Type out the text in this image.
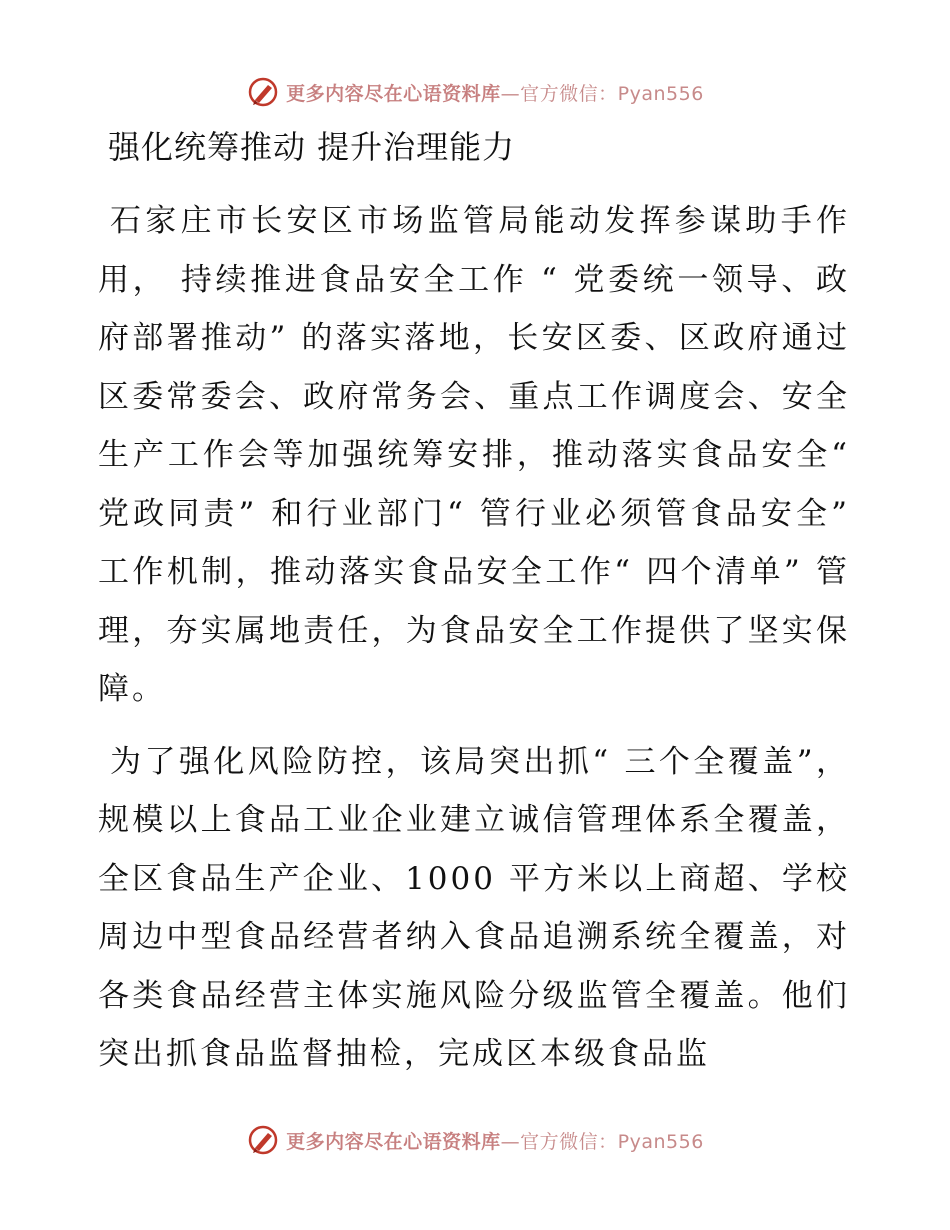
更多内容尽在心语资料库—官方微信：Pyan556
强化统筹推动 提升治理能力

石家庄市长安区市场监管局能动发挥参谋助手作用， 持续推进食品安全工作 “ 党委统一领导、政府部署推动” 的落实落地，长安区委、区政府通过区委常委会、政府常务会、重点工作调度会、安全生产工作会等加强统筹安排，推动落实食品安全“ 党政同责” 和行业部门“ 管行业必须管食品安全” 工作机制，推动落实食品安全工作“ 四个清单” 管理，夯实属地责任，为食品安全工作提供了坚实保障。

为了强化风险防控，该局突出抓“ 三个全覆盖”，规模以上食品工业企业建立诚信管理体系全覆盖，全区食品生产企业、1000 平方米以上商超、学校周边中型食品经营者纳入食品追溯系统全覆盖，对各类食品经营主体实施风险分级监管全覆盖。他们突出抓食品监督抽检，完成区本级食品监

更多内容尽在心语资料库—官方微信：Pyan556
